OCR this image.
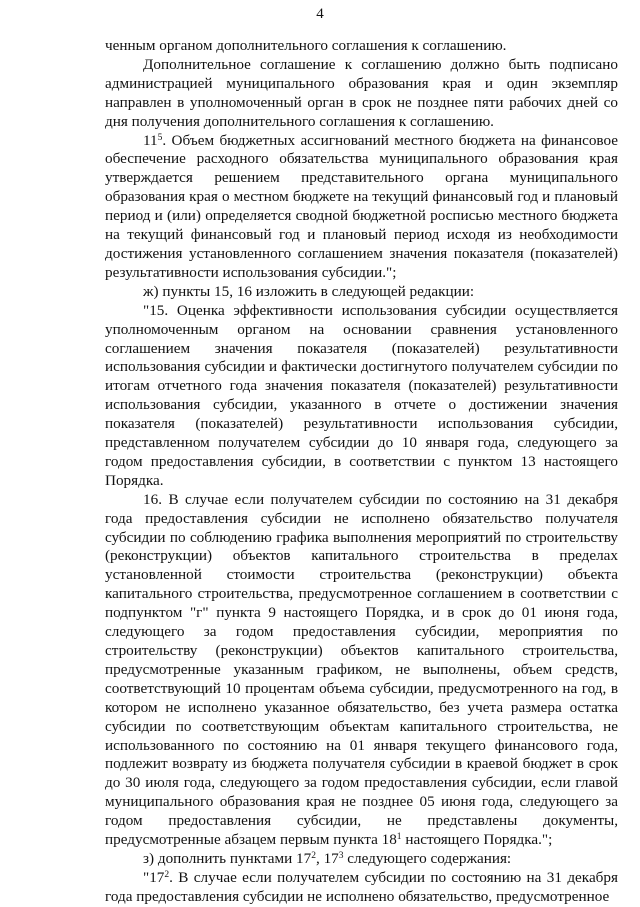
4

ченным органом дополнительного соглашения к соглашению.

Дополнительное соглашение к соглашению должно быть подписано администрацией муниципального образования края и один экземпляр направлен в уполномоченный орган в срок не позднее пяти рабочих дней со дня получения дополнительного соглашения к соглашению.

$11^5$. Объем бюджетных ассигнований местного бюджета на финансовое обеспечение расходного обязательства муниципального образования края утверждается решением представительного органа муниципального образования края о местном бюджете на текущий финансовый год и плановый период и (или) определяется сводной бюджетной росписью местного бюджета на текущий финансовый год и плановый период исходя из необходимости достижения установленного соглашением значения показателя (показателей) результативности использования субсидии.";

ж) пункты 15, 16 изложить в следующей редакции:

"15. Оценка эффективности использования субсидии осуществляется уполномоченным органом на основании сравнения установленного соглашением значения показателя (показателей) результативности использования субсидии и фактически достигнутого получателем субсидии по итогам отчетного года значения показателя (показателей) результативности использования субсидии, указанного в отчете о достижении значения показателя (показателей) результативности использования субсидии, представленном получателем субсидии до 10 января года, следующего за годом предоставления субсидии, в соответствии с пунктом 13 настоящего Порядка.

16. В случае если получателем субсидии по состоянию на 31 декабря года предоставления субсидии не исполнено обязательство получателя субсидии по соблюдению графика выполнения мероприятий по строительству (реконструкции) объектов капитального строительства в пределах установленной стоимости строительства (реконструкции) объекта капитального строительства, предусмотренное соглашением в соответствии с подпунктом "г" пункта 9 настоящего Порядка, и в срок до 01 июня года, следующего за годом предоставления субсидии, мероприятия по строительству (реконструкции) объектов капитального строительства, предусмотренные указанным графиком, не выполнены, объем средств, соответствующий 10 процентам объема субсидии, предусмотренного на год, в котором не исполнено указанное обязательство, без учета размера остатка субсидии по соответствующим объектам капитального строительства, не использованного по состоянию на 01 января текущего финансового года, подлежит возврату из бюджета получателя субсидии в краевой бюджет в срок до 30 июля года, следующего за годом предоставления субсидии, если главой муниципального образования края не позднее 05 июня года, следующего за годом предоставления субсидии, не представлены документы, предусмотренные абзацем первым пункта $18^1$ настоящего Порядка.";

з) дополнить пунктами $17^2$, $17^3$ следующего содержания:

"$17^2$. В случае если получателем субсидии по состоянию на 31 декабря года предоставления субсидии не исполнено обязательство, предусмотренное
